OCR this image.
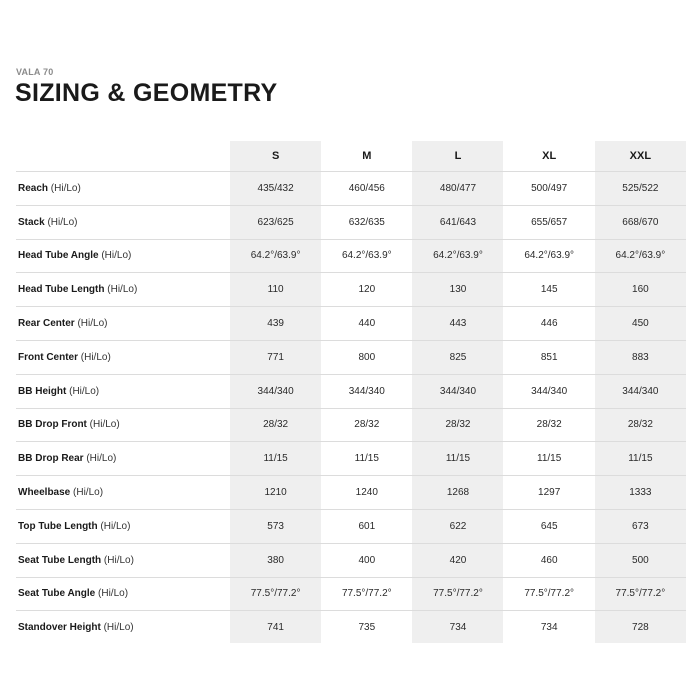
VALA 70
SIZING & GEOMETRY
	S	M	L	XL	XXL
Reach (Hi/Lo)	435/432	460/456	480/477	500/497	525/522
Stack (Hi/Lo)	623/625	632/635	641/643	655/657	668/670
Head Tube Angle (Hi/Lo)	64.2°/63.9°	64.2°/63.9°	64.2°/63.9°	64.2°/63.9°	64.2°/63.9°
Head Tube Length (Hi/Lo)	110	120	130	145	160
Rear Center (Hi/Lo)	439	440	443	446	450
Front Center (Hi/Lo)	771	800	825	851	883
BB Height (Hi/Lo)	344/340	344/340	344/340	344/340	344/340
BB Drop Front (Hi/Lo)	28/32	28/32	28/32	28/32	28/32
BB Drop Rear (Hi/Lo)	11/15	11/15	11/15	11/15	11/15
Wheelbase (Hi/Lo)	1210	1240	1268	1297	1333
Top Tube Length (Hi/Lo)	573	601	622	645	673
Seat Tube Length (Hi/Lo)	380	400	420	460	500
Seat Tube Angle (Hi/Lo)	77.5°/77.2°	77.5°/77.2°	77.5°/77.2°	77.5°/77.2°	77.5°/77.2°
Standover Height (Hi/Lo)	741	735	734	734	728
